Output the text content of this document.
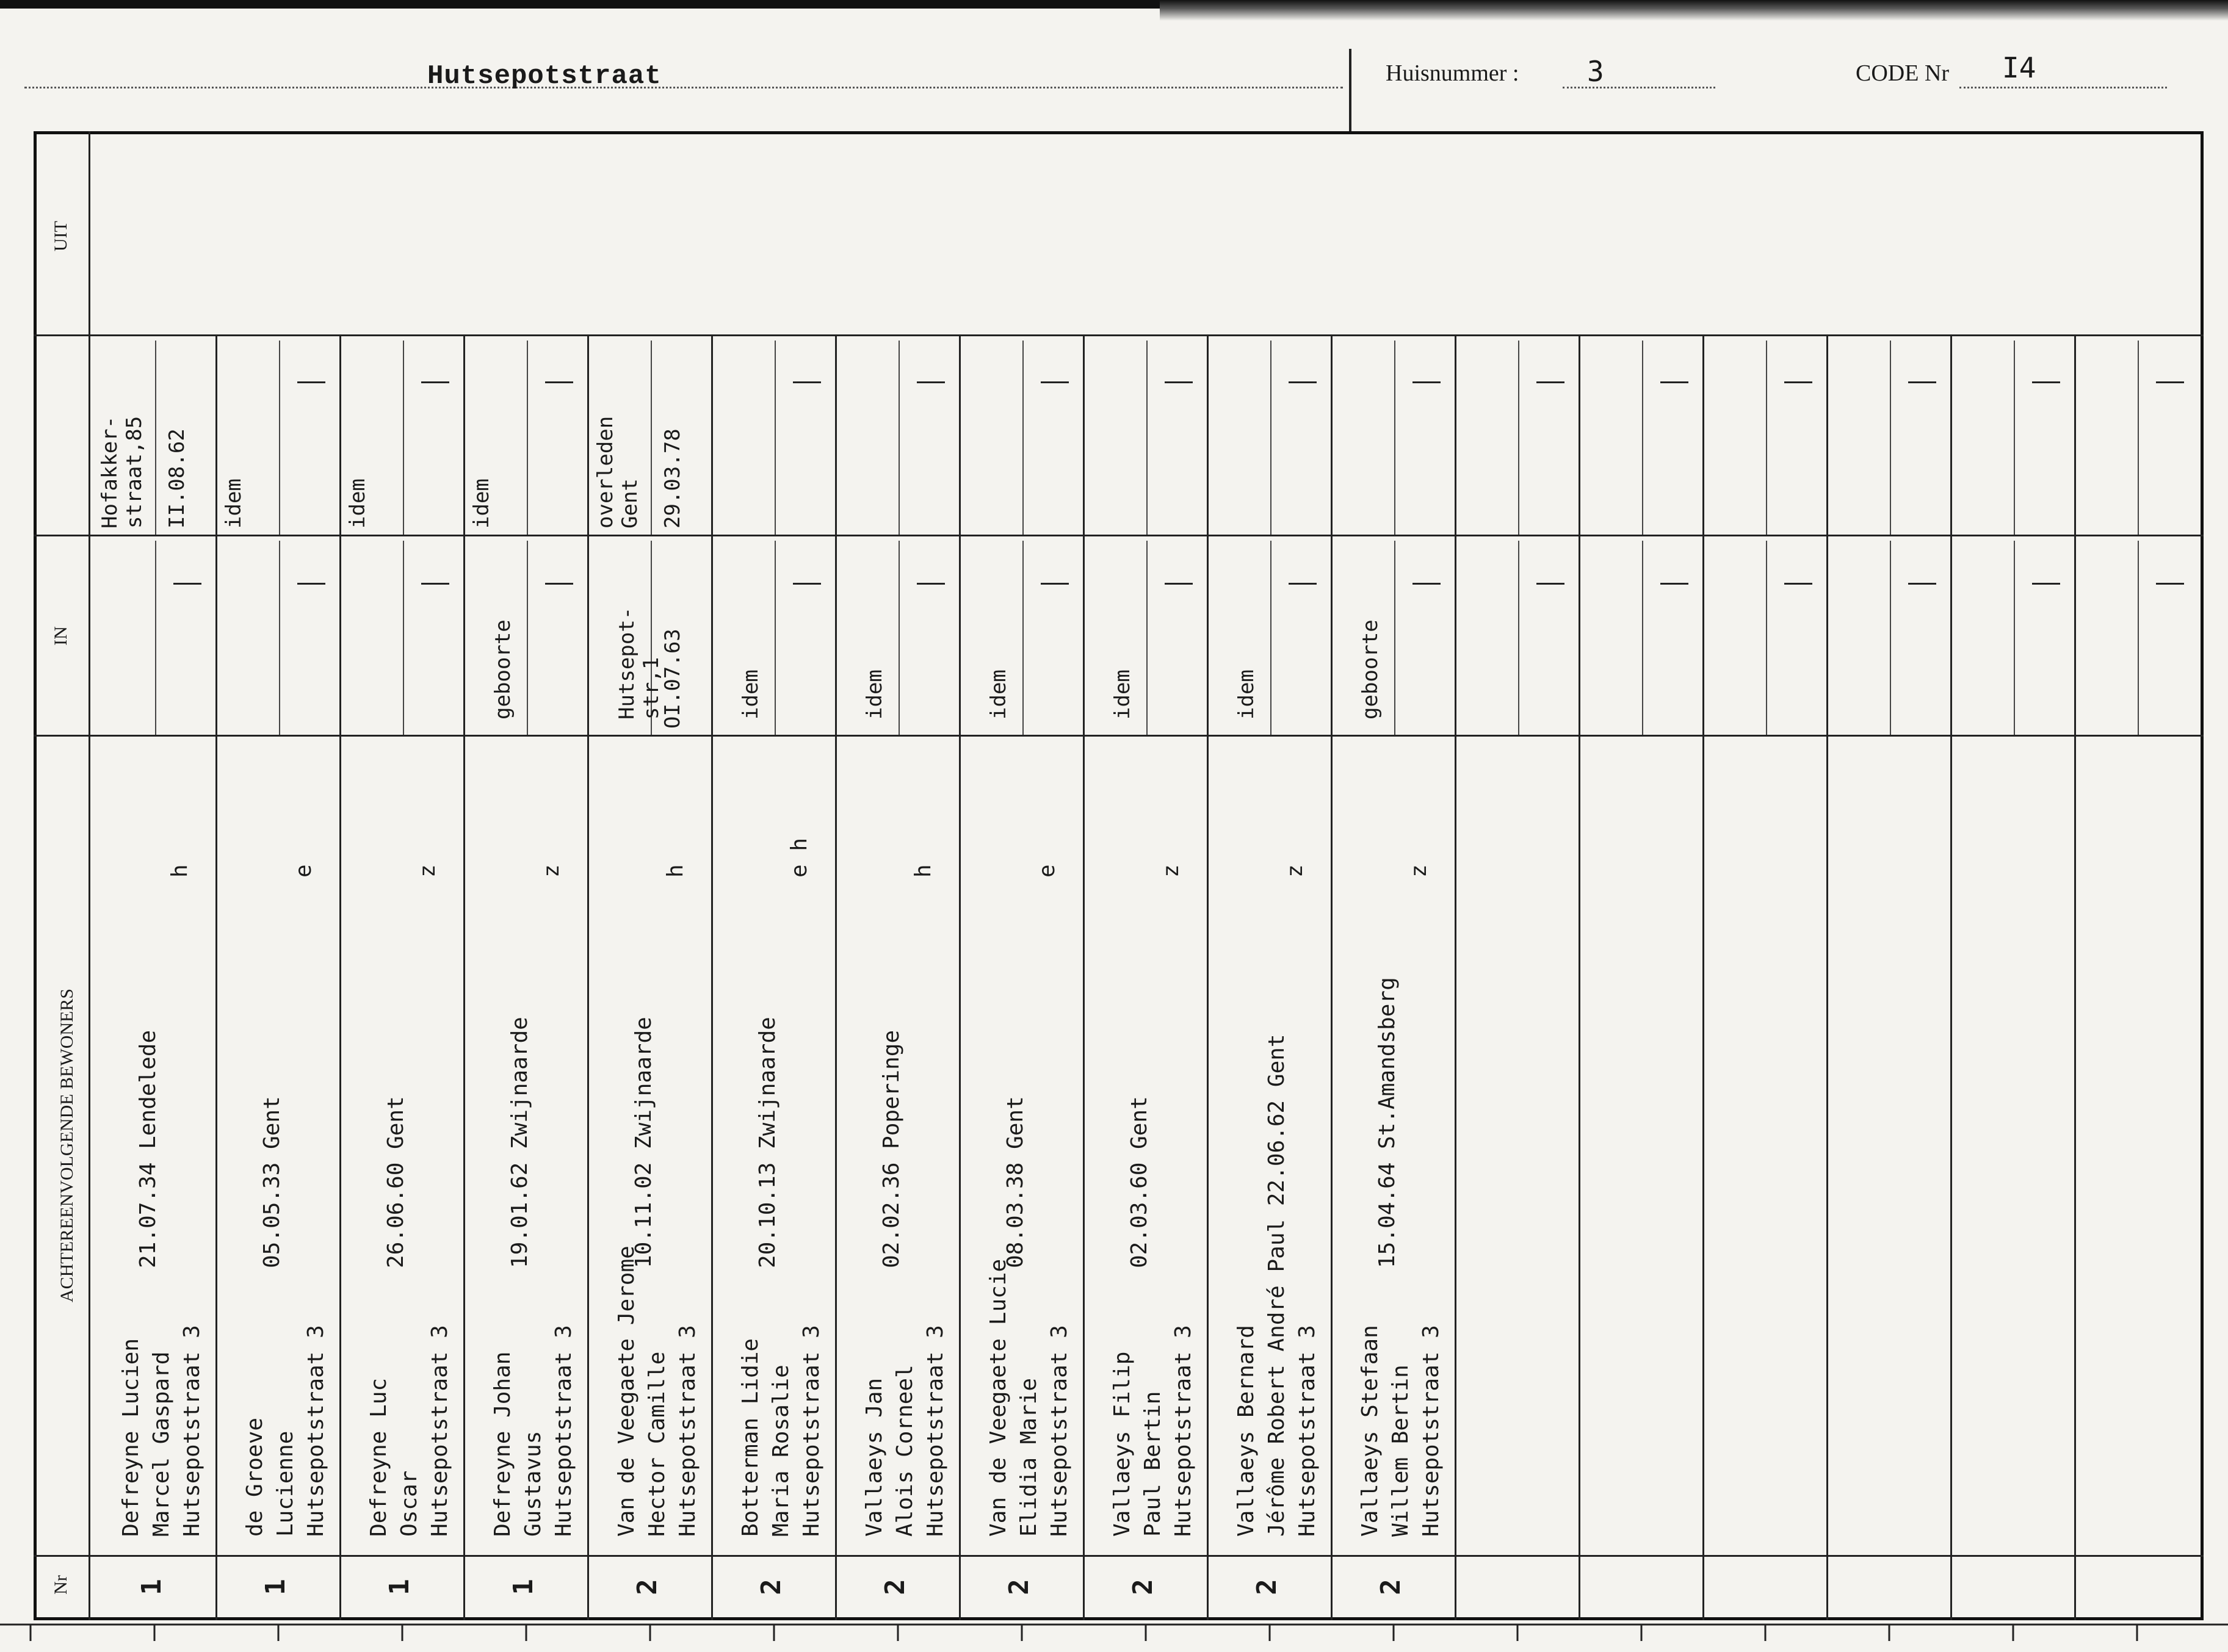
Hutsepotstraat	Huisnummer : 3	CODE Nr I4
UIT
IN
ACHTEREENVOLGENDE BEWONERS
Nr 1
Defreyne Lucien Marcel Gaspard
21.07.34 Lendelede
Hutsepotstraat 3
h
Hofakker-
straat,85 II.08.62
1
de Groeve Lucienne
05.05.33 Gent
Hutsepotstraat 3
e
idem
1
Defreyne Luc Oscar
26.06.60 Gent
Hutsepotstraat 3
z
idem
1
Defreyne Johan Gustavus
19.01.62 Zwijnaarde
Hutsepotstraat 3
z
geboorte
idem
2
Van de Veegaete Jerome Hector Camille
10.11.02 Zwijnaarde
Hutsepotstraat 3
h
Hutsepot-
str,1
OI.07.63
overleden
Gent 29.03.78
2
Botterman Lidie Maria Rosalie
20.10.13 Zwijnaarde
Hutsepotstraat 3
e h
idem
2
Vallaeys Jan Alois Corneel
02.02.36 Poperinge
Hutsepotstraat 3
h
idem
2
Van de Veegaete Lucie Elidia Marie
08.03.38 Gent
Hutsepotstraat 3
e
idem
2
Vallaeys Filip Paul Bertin
02.03.60 Gent
Hutsepotstraat 3
z
idem
2
Vallaeys Bernard Jérôme Robert André Paul 22.06.62 Gent Hutsepotstraat 3
z
idem
2
Vallaeys Stefaan Willem Bertin
15.04.64 St.Amandsberg
Hutsepotstraat 3
z
geboorte
